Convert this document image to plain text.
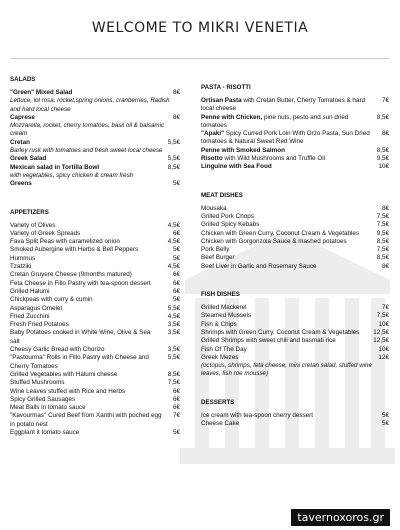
WELCOME TO MIKRI VENETIA
SALADS
"Green" Mixed Salad	8€
Lettuce, lol rosa, rocket,spring onions, cranberries, Radish and hard local cheese
Caprese	8€
Mozzarella, rocket, cherry tomatoes, basil oil & balsamic cream
Cretan	5,5€
Barley rusk with tomatoes and fresh sweet local cheese
Greek Salad	5,5€
Mexican salad in Tortilla Bowl	8,5€
with vegetables, spicy chicken & cream fresh
Greens	5€
APPETIZERS
Variety of Olives	4,5€
Variety of Greek Spreads	6€
Fava Split Peas with caramelized onion	4,5€
Smoked Aubergine with Herbs & Bell Peppers	5€
Hummus	5€
Tzatziki	4,5€
Cretan Gruyere Cheese (9months matured)	6€
Feta Cheese in Fillo Pastry with tea-spoon dessert	6€
Grilled Halumi	6€
Chickpeas with curry & cumin	5€
Asparagus Omelet	5,5€
Fried Zucchini	4,5€
Fresh Fried Potatoes	3,5€
Baby Potatoes cooked in White Wine, Olive & Sea salt
3,5€
Cheesy Garlic Bread with Chorizo	3,5€
"Pastourma" Rolls in Fillo Pastry with Cheese and Cherry Tomatoes
5,5€
Grilled Vegetables with Halumi cheese	8,5€
Stuffed Mushrooms	7,5€
Wine Leaves stuffed with Rice and Herbs	6€
Spicy Grilled Sausages	6€
Meat Balls in tomato sauce	6€
"Kavourmas" Cured Beef from Xanthi with poched egg in potato nest
7€
Eggplant it tomato sauce	5€
PASTA - RISOTTI
Ortisan Pasta with Cretan Butter, Cherry Tomatoes & hard local cheese
7€
Penne with Chicken, pine nuts, pesto and sun dried tomatoes
8,5€
"Apaki" Spicy Curred Pork Loin With Orzo Pasta, Sun Dried tomatoes & Natural Sweet Red Wine
8€
Penne with Smoked Salmon	8,5€
Risotto with Wild Mushrooms and Truffle Oil	9,5€
Linguine with Sea Food	10€
MEAT DISHES
Mousaka	8€
Grilled Pork Chops	7,5€
Grilled Spicy Kebabs	7,5€
Chicken with Green Curry, Coconut Cream & Vegetables	9,5€
Chicken with Gorgonzola Sauce & mashed potatoes	8,5€
Pork Belly	7,5€
Beef Burger	8,5€
Beef Liver in Garlic and Rosemary Sauce	8€
FISH DISHES
Grilled Mackerel	7€
Steamed Mussels	7,5€
Fish & Chips	10€
Shrimps with Green Curry, Coconut Cream & Vegetables	12,5€
Grilled Shrimps with sweet chili and basmati rice	12,5€
Fish Of The Day	10€
Greek Mezes	12€
(octopus, shrimps, feta cheese, mini cretan salad, stuffed wine leaves, fish roe mousse)
DESSERTS
Ice cream with tea-spoon cherry dessert	5€
Cheese Cake	5€
tavernoxoros.gr
